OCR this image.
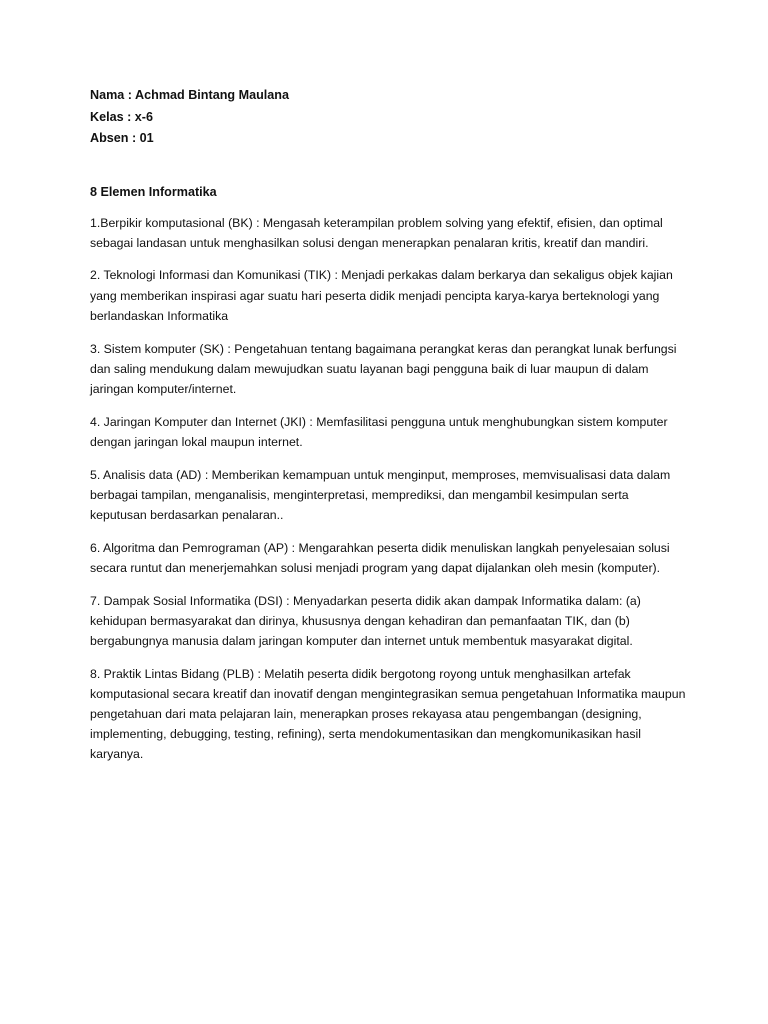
Nama : Achmad Bintang Maulana

Kelas : x-6

Absen : 01

8 Elemen Informatika

1.Berpikir komputasional (BK) : Mengasah keterampilan problem solving yang efektif, efisien, dan optimal sebagai landasan untuk menghasilkan solusi dengan menerapkan penalaran kritis, kreatif dan mandiri.

2. Teknologi Informasi dan Komunikasi (TIK) : Menjadi perkakas dalam berkarya dan sekaligus objek kajian yang memberikan inspirasi agar suatu hari peserta didik menjadi pencipta karya-karya berteknologi yang berlandaskan Informatika

3. Sistem komputer (SK) : Pengetahuan tentang bagaimana perangkat keras dan perangkat lunak berfungsi dan saling mendukung dalam mewujudkan suatu layanan bagi pengguna baik di luar maupun di dalam jaringan komputer/internet.

4. Jaringan Komputer dan Internet (JKI) : Memfasilitasi pengguna untuk menghubungkan sistem komputer dengan jaringan lokal maupun internet.

5. Analisis data (AD) : Memberikan kemampuan untuk menginput, memproses, memvisualisasi data dalam berbagai tampilan, menganalisis, menginterpretasi, memprediksi, dan mengambil kesimpulan serta keputusan berdasarkan penalaran..

6. Algoritma dan Pemrograman (AP) : Mengarahkan peserta didik menuliskan langkah penyelesaian solusi secara runtut dan menerjemahkan solusi menjadi program yang dapat dijalankan oleh mesin (komputer).

7. Dampak Sosial Informatika (DSI) : Menyadarkan peserta didik akan dampak Informatika dalam: (a) kehidupan bermasyarakat dan dirinya, khususnya dengan kehadiran dan pemanfaatan TIK, dan (b) bergabungnya manusia dalam jaringan komputer dan internet untuk membentuk masyarakat digital.

8. Praktik Lintas Bidang (PLB) : Melatih peserta didik bergotong royong untuk menghasilkan artefak komputasional secara kreatif dan inovatif dengan mengintegrasikan semua pengetahuan Informatika maupun pengetahuan dari mata pelajaran lain, menerapkan proses rekayasa atau pengembangan (designing, implementing, debugging, testing, refining), serta mendokumentasikan dan mengkomunikasikan hasil karyanya.
